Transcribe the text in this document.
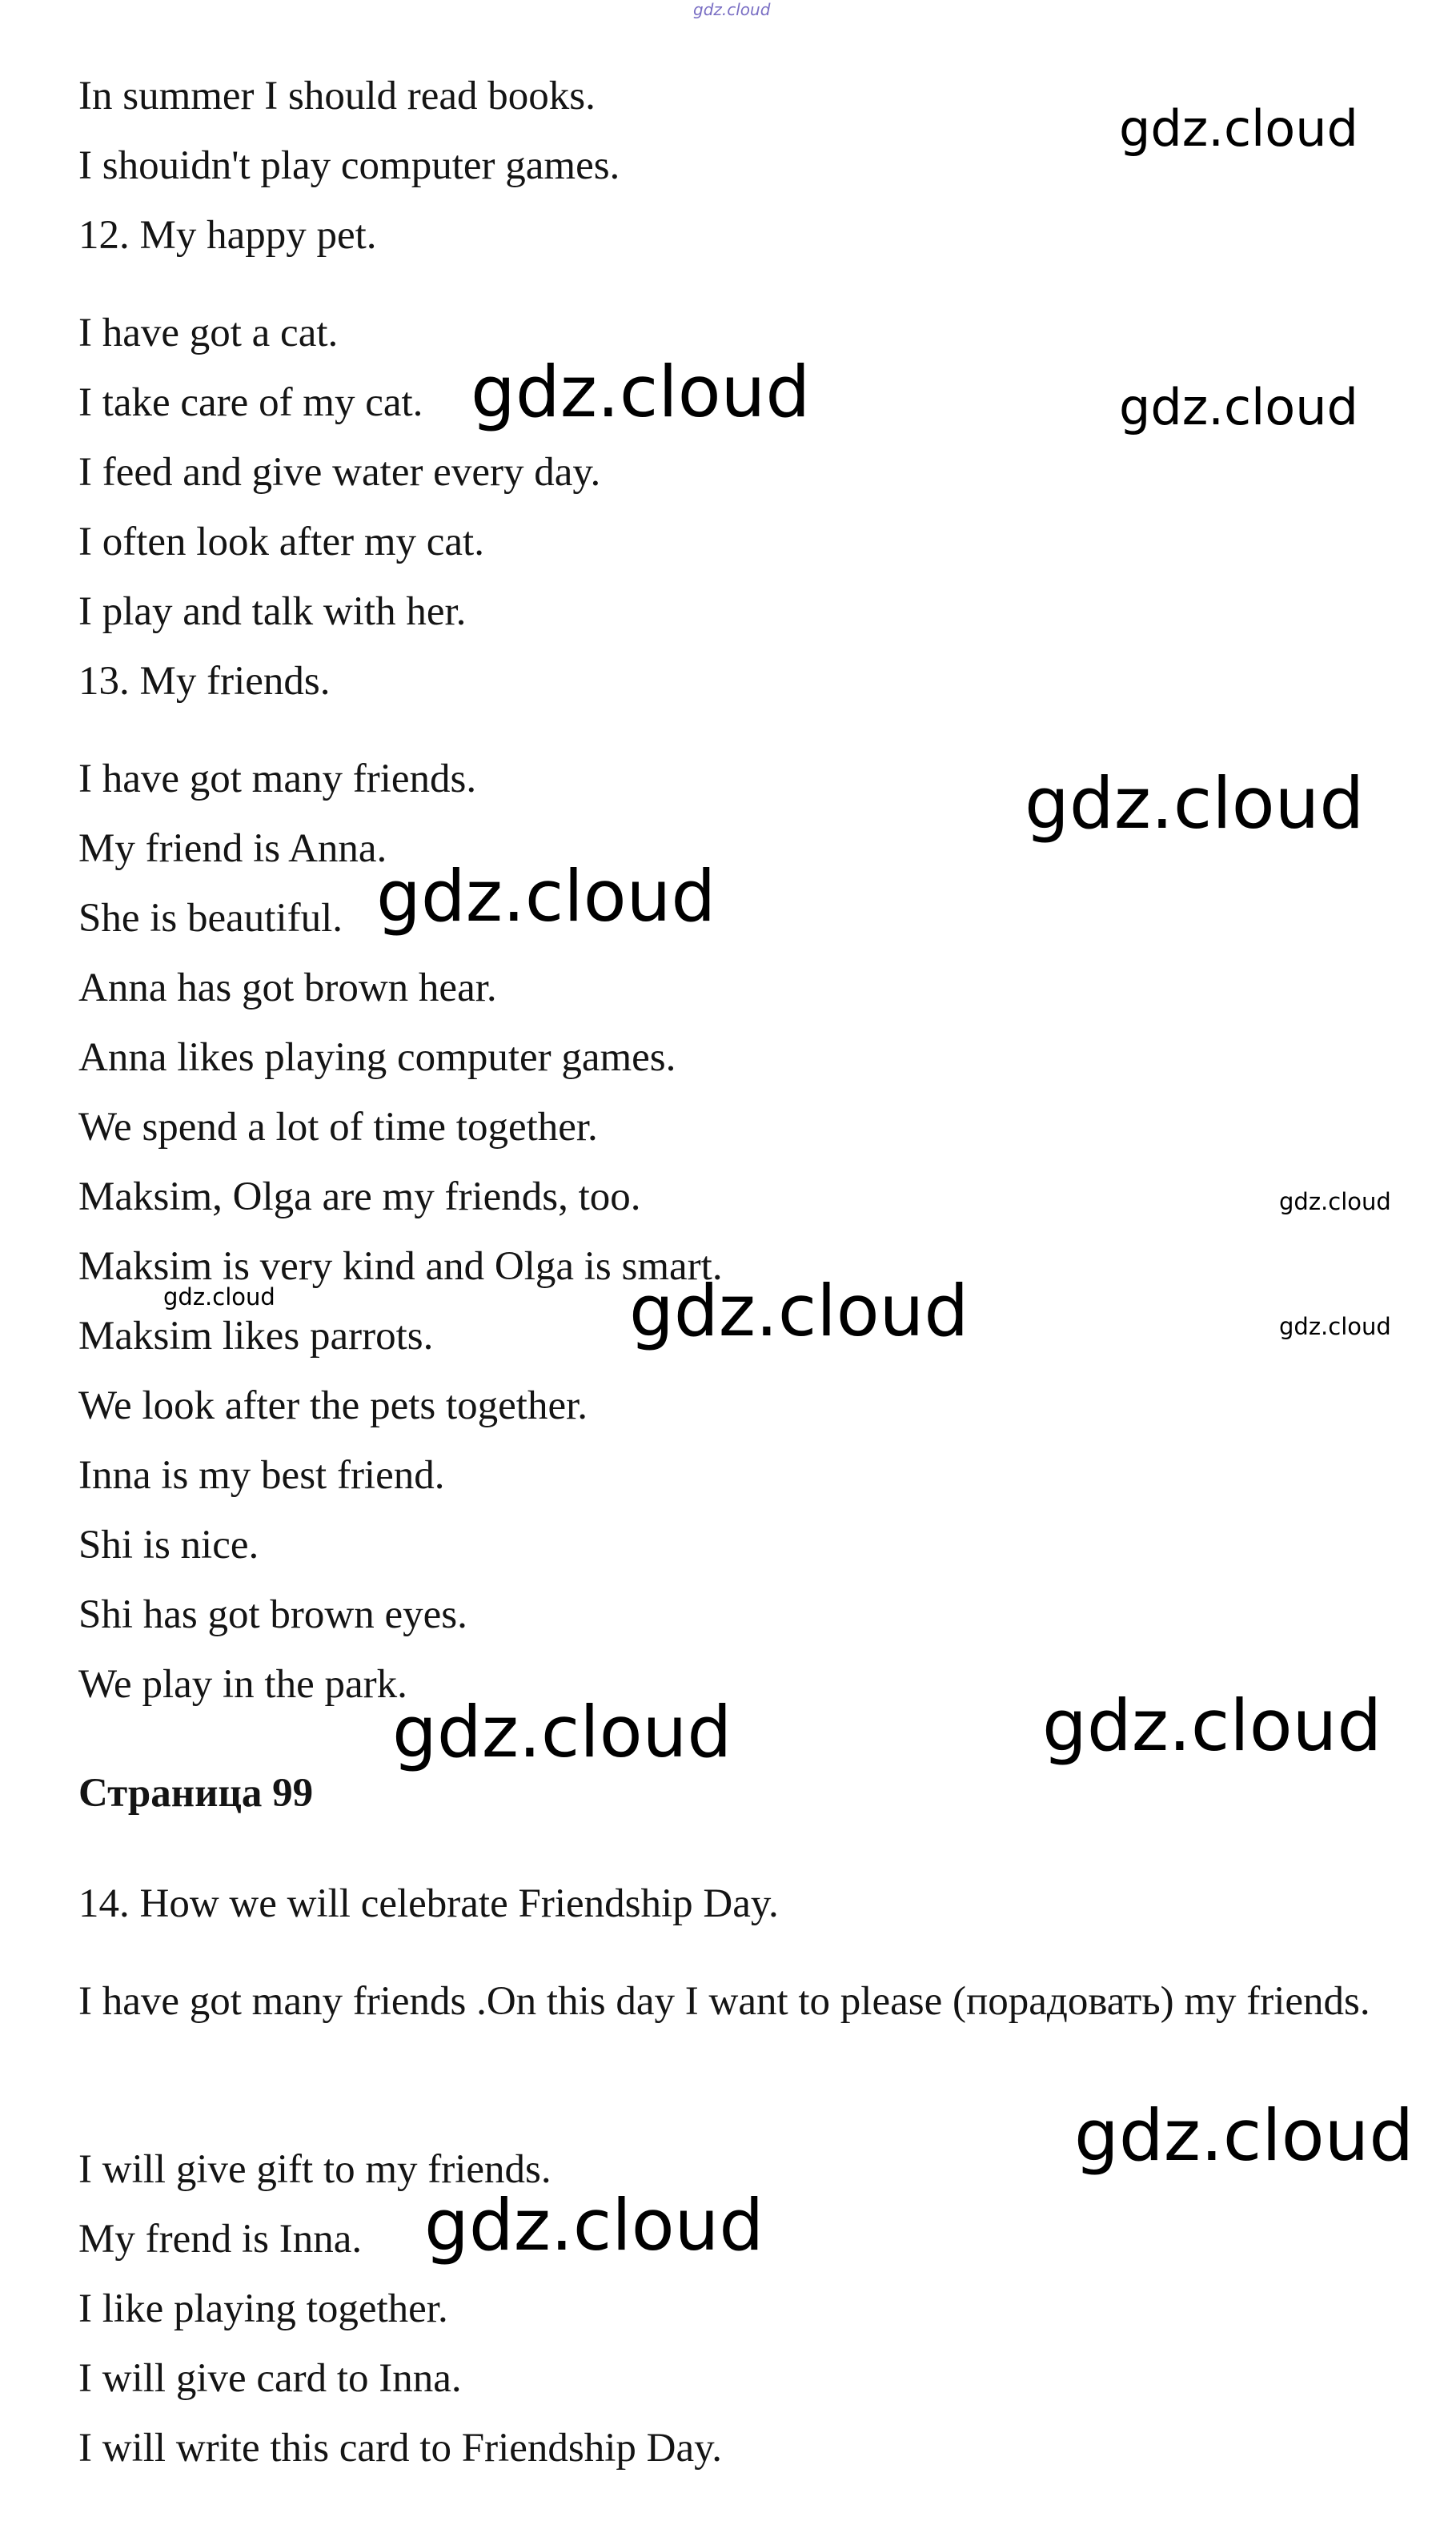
gdz.cloud
In summer I should read books.
I shouidn't play computer games.
12. My happy pet.
I have got a cat.
I take care of my cat.
I feed and give water every day.
I often look after my cat.
I play and talk with her.
13. My friends.
I have got many friends.
My friend is Anna.
She is beautiful.
Anna has got brown hear.
Anna likes playing computer games.
We spend a lot of time together.
Maksim, Olga are my friends, too.
Maksim is very kind and Olga is smart.
Maksim likes parrots.
We look after the pets together.
Inna is my best friend.
Shi is nice.
Shi has got brown eyes.
We play in the park.
Страница 99
14. How we will celebrate Friendship Day.
I have got many friends .On this day I want to please (порадовать) my friends.
I will give gift to my friends.
My frend is Inna.
I like playing together.
I will give card to Inna.
I will write this card to Friendship Day.
gdz.cloud
gdz.cloud	gdz.cloud
gdz.cloud
gdz.cloud
gdz.cloud
gdz.cloud	gdz.cloud	gdz.cloud
gdz.cloud
gdz.cloud
gdz.cloud
gdz.cloud
